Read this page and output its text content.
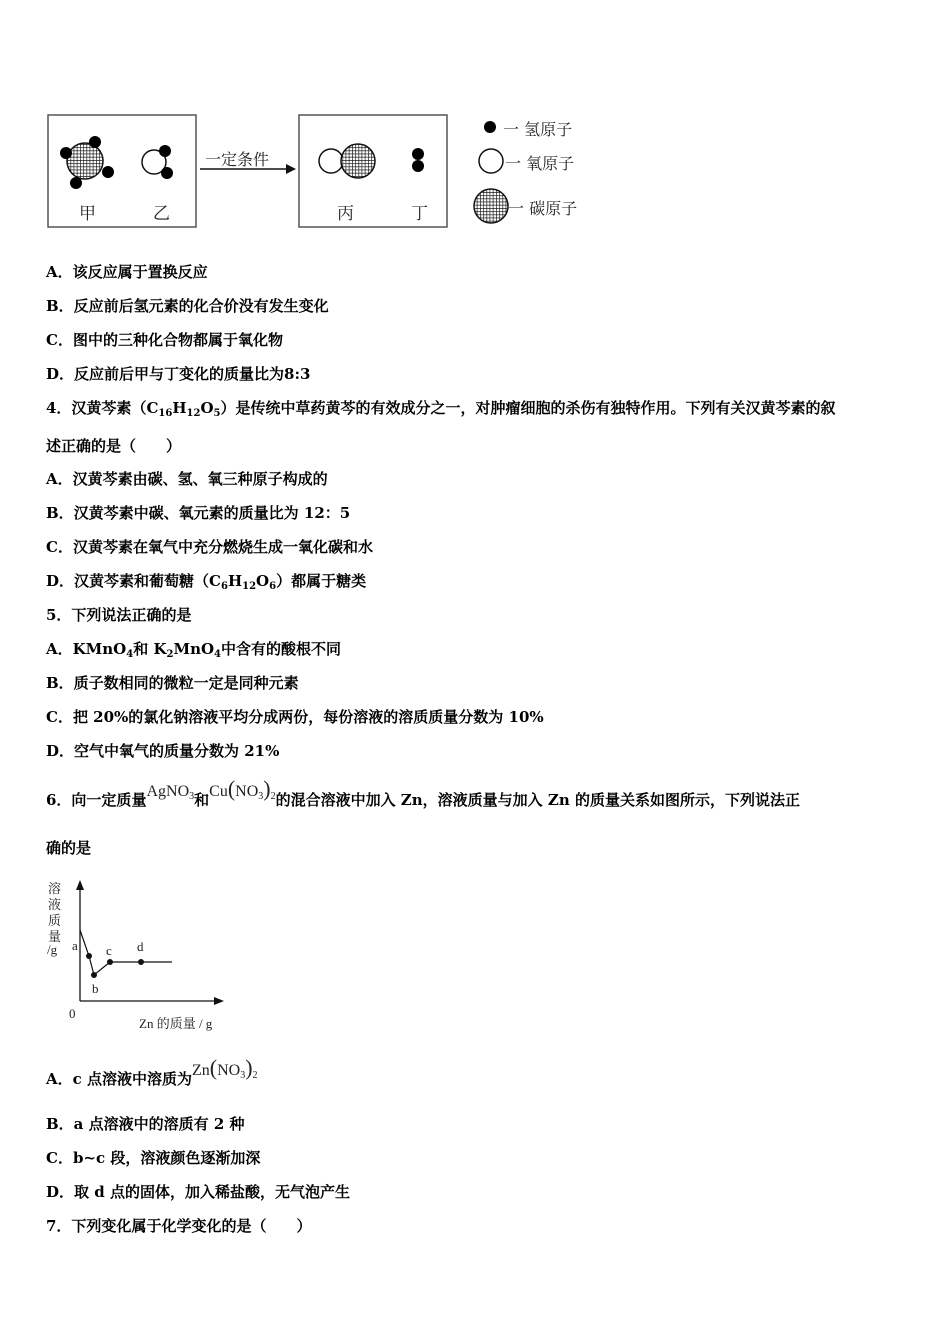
甲	乙
一定条件
丙	丁
一 氢原子
一 氧原子
一 碳原子
A．该反应属于置换反应
B．反应前后氢元素的化合价没有发生变化
C．图中的三种化合物都属于氧化物
D．反应前后甲与丁变化的质量比为8:3
4．汉黄芩素$(C_{16}H_{12}O_5)$是传统中草药黄芩的有效成分之一，对肿瘤细胞的杀伤有独特作用。下列有关汉黄芩素的叙
述正确的是（　　）
A．汉黄芩素由碳、氢、氧三种原子构成的
B．汉黄芩素中碳、氧元素的质量比为 12：5
C．汉黄芩素在氧气中充分燃烧生成一氧化碳和水
D．汉黄芩素和葡萄糖$(C_6H_{12}O_6)$都属于糖类
5．下列说法正确的是
A．KMnO$_4$和 $K_2MnO_4$中含有的酸根不同
B．质子数相同的微粒一定是同种元素
C．把 20%的氯化钠溶液平均分成两份，每份溶液的溶质质量分数为 10%
D．空气中氧气的质量分数为 21%
6．向一定质量AgNO$_3$和$Cu(NO_3)_2$的混合溶液中加入 Zn，溶液质量与加入 Zn 的质量关系如图所示，下列说法正
确的是
溶
液
质
量
/g a
b
c d
0
Zn 的质量 / g
A．c 点溶液中溶质为$Zn(NO_3)_2$
B．a 点溶液中的溶质有 2 种
C．b~c 段，溶液颜色逐渐加深
D．取 d 点的固体，加入稀盐酸，无气泡产生
7．下列变化属于化学变化的是（　　）
